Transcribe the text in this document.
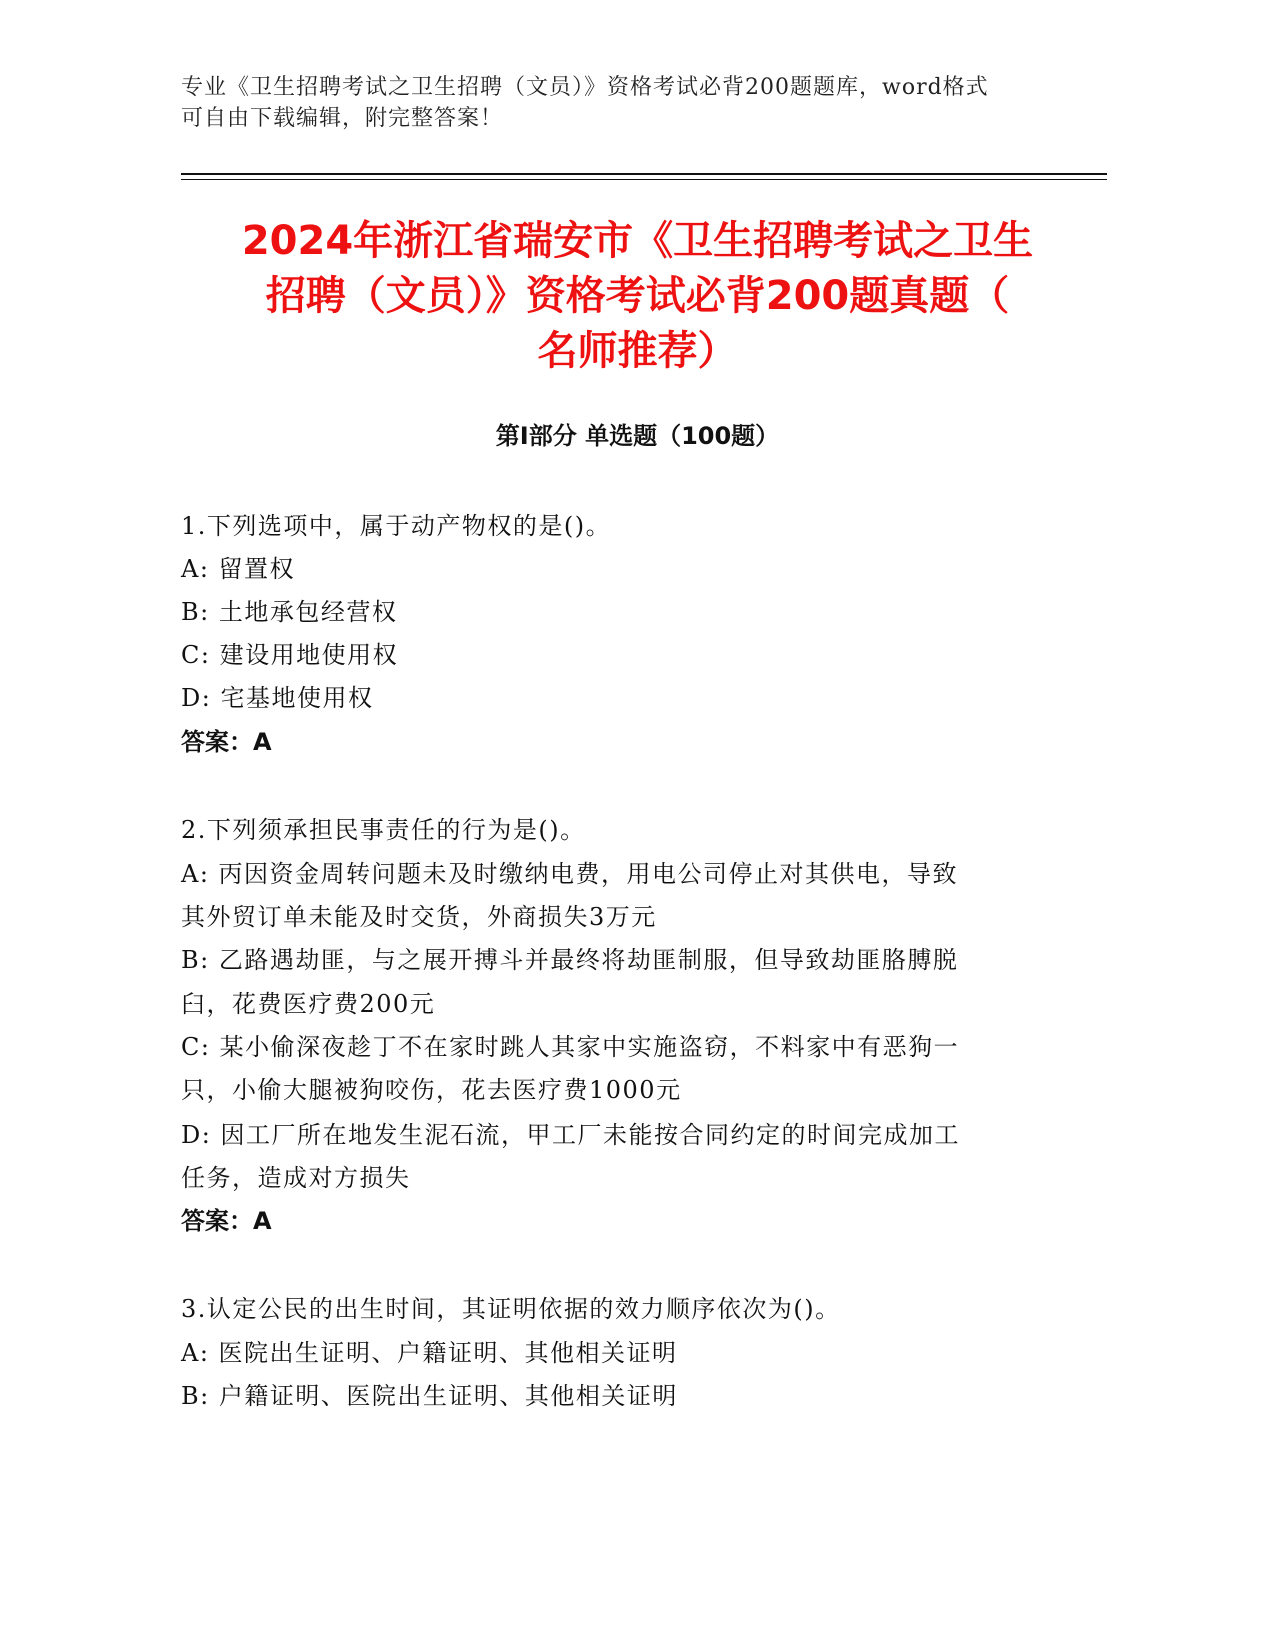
专业《卫生招聘考试之卫生招聘（文员）》资格考试必背200题题库，word格式
可自由下载编辑，附完整答案！
2024年浙江省瑞安市《卫生招聘考试之卫生
招聘（文员）》资格考试必背200题真题（
名师推荐）
第Ⅰ部分 单选题（100题）
1.下列选项中，属于动产物权的是()。
A: 留置权
B: 土地承包经营权
C: 建设用地使用权
D: 宅基地使用权
答案：A
2.下列须承担民事责任的行为是()。
A: 丙因资金周转问题未及时缴纳电费，用电公司停止对其供电，导致
其外贸订单未能及时交货，外商损失3万元
B: 乙路遇劫匪，与之展开搏斗并最终将劫匪制服，但导致劫匪胳膊脱
臼，花费医疗费200元
C: 某小偷深夜趁丁不在家时跳人其家中实施盗窃，不料家中有恶狗一
只，小偷大腿被狗咬伤，花去医疗费1000元
D: 因工厂所在地发生泥石流，甲工厂未能按合同约定的时间完成加工
任务，造成对方损失
答案：A
3.认定公民的出生时间，其证明依据的效力顺序依次为()。
A: 医院出生证明、户籍证明、其他相关证明
B: 户籍证明、医院出生证明、其他相关证明
